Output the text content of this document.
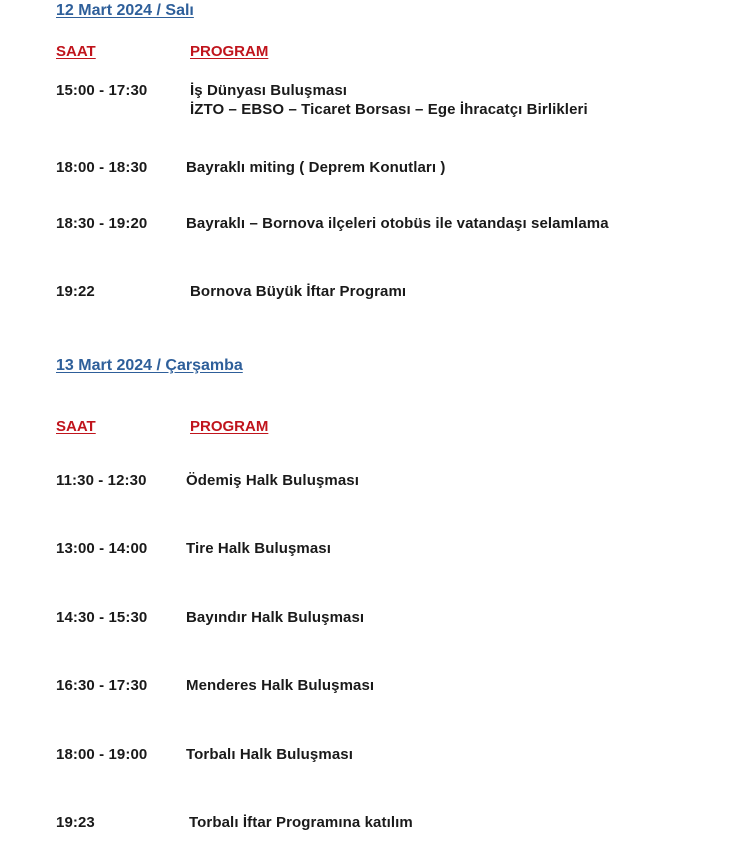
12 Mart 2024 / Salı
SAAT	PROGRAM
15:00 - 17:30	İş Dünyası Buluşması
İZTO – EBSO – Ticaret Borsası – Ege İhracatçı Birlikleri
18:00 - 18:30	Bayraklı miting ( Deprem Konutları )
18:30 - 19:20	Bayraklı – Bornova ilçeleri otobüs ile vatandaşı selamlama
19:22	Bornova Büyük İftar Programı
13 Mart 2024 / Çarşamba
SAAT	PROGRAM
11:30 - 12:30	Ödemiş Halk Buluşması
13:00 - 14:00	Tire Halk Buluşması
14:30 - 15:30	Bayındır Halk Buluşması
16:30 - 17:30	Menderes Halk Buluşması
18:00 - 19:00	Torbalı Halk Buluşması
19:23	Torbalı İftar Programına katılım
